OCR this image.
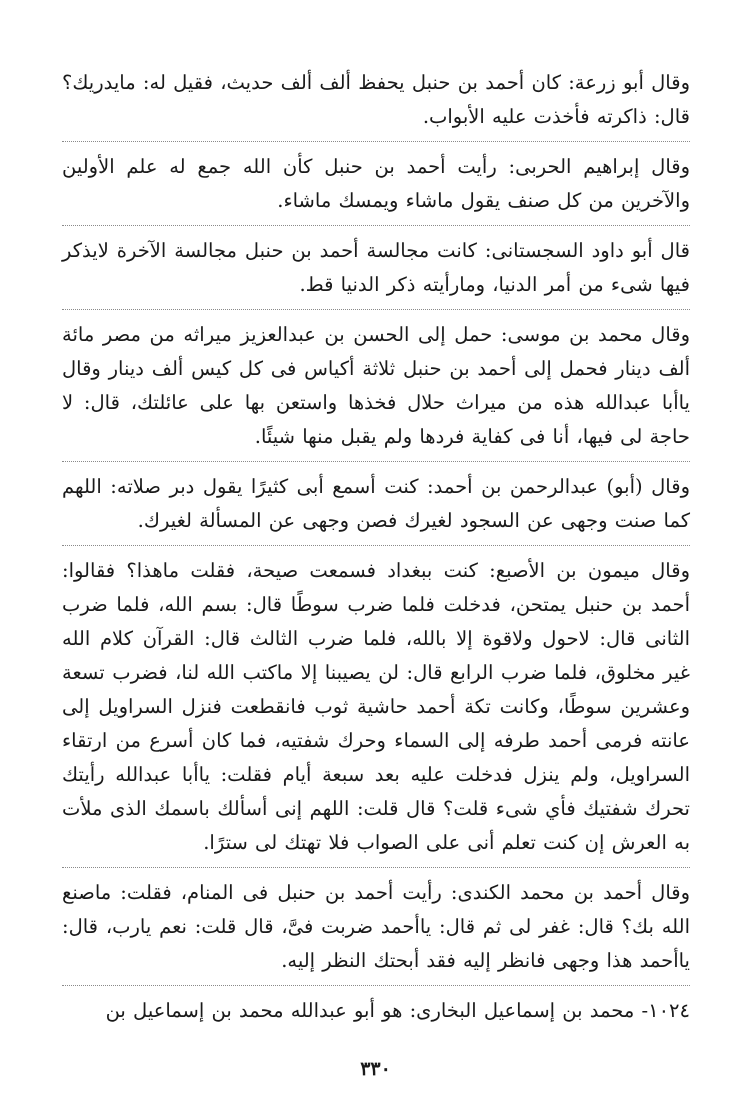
وقال أبو زرعة: كان أحمد بن حنبل يحفظ ألف ألف حديث، فقيل له: مايدريك؟ قال: ذاكرته فأخذت عليه الأبواب.

وقال إبراهيم الحربى: رأيت أحمد بن حنبل كأن الله جمع له علم الأولين والآخرين من كل صنف يقول ماشاء ويمسك ماشاء.

قال أبو داود السجستانى: كانت مجالسة أحمد بن حنبل مجالسة الآخرة لايذكر فيها شىء من أمر الدنيا، ومارأيته ذكر الدنيا قط.

وقال محمد بن موسى: حمل إلى الحسن بن عبدالعزيز ميراثه من مصر مائة ألف دينار فحمل إلى أحمد بن حنبل ثلاثة أكياس فى كل كيس ألف دينار وقال ياأبا عبدالله هذه من ميراث حلال فخذها واستعن بها على عائلتك، قال: لا حاجة لى فيها، أنا فى كفاية فردها ولم يقبل منها شيئًا.

وقال (أبو) عبدالرحمن بن أحمد: كنت أسمع أبى كثيرًا يقول دبر صلاته: اللهم كما صنت وجهى عن السجود لغيرك فصن وجهى عن المسألة لغيرك.

وقال ميمون بن الأصبع: كنت ببغداد فسمعت صيحة، فقلت ماهذا؟ فقالوا: أحمد بن حنبل يمتحن، فدخلت فلما ضرب سوطًا قال: بسم الله، فلما ضرب الثانى قال: لاحول ولاقوة إلا بالله، فلما ضرب الثالث قال: القرآن كلام الله غير مخلوق، فلما ضرب الرابع قال: لن يصيبنا إلا ماكتب الله لنا، فضرب تسعة وعشرين سوطًا، وكانت تكة أحمد حاشية ثوب فانقطعت فنزل السراويل إلى عانته فرمى أحمد طرفه إلى السماء وحرك شفتيه، فما كان أسرع من ارتقاء السراويل، ولم ينزل فدخلت عليه بعد سبعة أيام فقلت: ياأبا عبدالله رأيتك تحرك شفتيك فأي شىء قلت؟ قال قلت: اللهم إنى أسألك باسمك الذى ملأت به العرش إن كنت تعلم أنى على الصواب فلا تهتك لى سترًا.

وقال أحمد بن محمد الكندى: رأيت أحمد بن حنبل فى المنام، فقلت: ماصنع الله بك؟ قال: غفر لى ثم قال: ياأحمد ضربت فىَّ، قال قلت: نعم يارب، قال: ياأحمد هذا وجهى فانظر إليه فقد أبحتك النظر إليه.

١٠٢٤- محمد بن إسماعيل البخارى: هو أبو عبدالله محمد بن إسماعيل بن

٣٣٠
